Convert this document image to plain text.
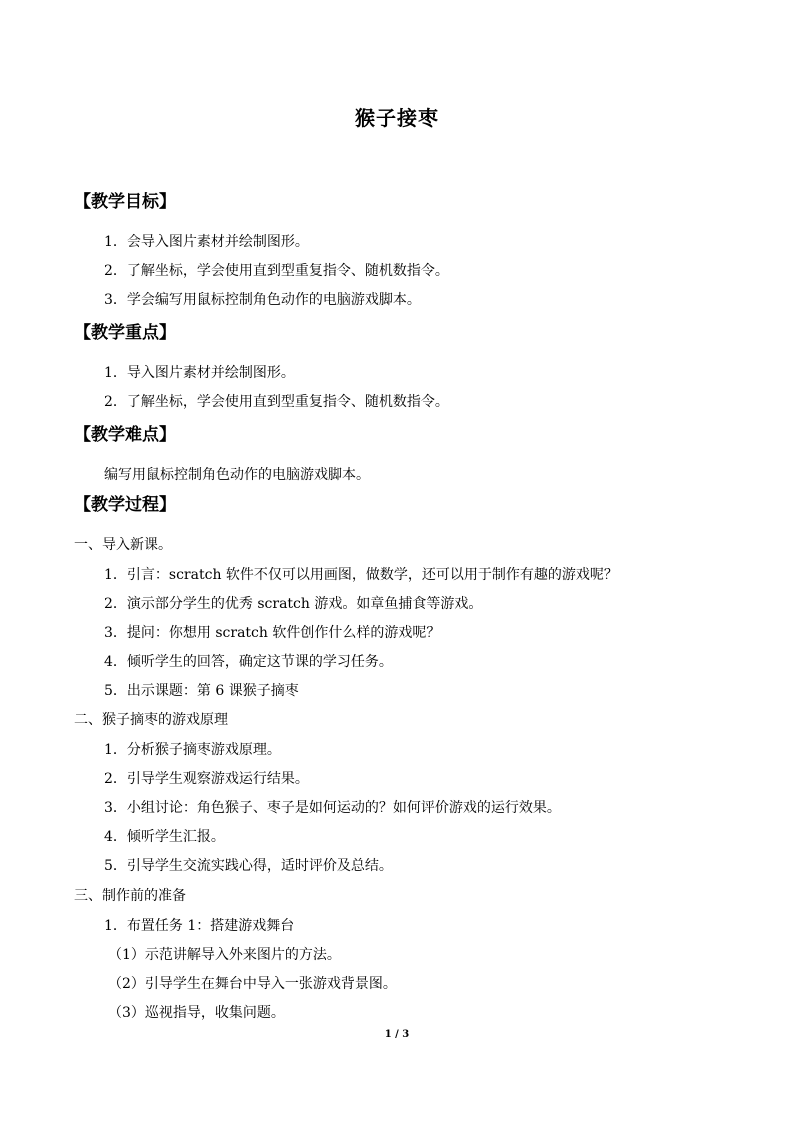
猴子接枣
【教学目标】
1．会导入图片素材并绘制图形。
2．了解坐标，学会使用直到型重复指令、随机数指令。
3．学会编写用鼠标控制角色动作的电脑游戏脚本。
【教学重点】
1．导入图片素材并绘制图形。
2．了解坐标，学会使用直到型重复指令、随机数指令。
【教学难点】
编写用鼠标控制角色动作的电脑游戏脚本。
【教学过程】
一、导入新课。
1．引言：scratch 软件不仅可以用画图，做数学，还可以用于制作有趣的游戏呢？
2．演示部分学生的优秀 scratch 游戏。如章鱼捕食等游戏。
3．提问：你想用 scratch 软件创作什么样的游戏呢？
4．倾听学生的回答，确定这节课的学习任务。
5．出示课题：第 6 课猴子摘枣
二、猴子摘枣的游戏原理
1．分析猴子摘枣游戏原理。
2．引导学生观察游戏运行结果。
3．小组讨论：角色猴子、枣子是如何运动的？如何评价游戏的运行效果。
4．倾听学生汇报。
5．引导学生交流实践心得，适时评价及总结。
三、制作前的准备
1．布置任务 1：搭建游戏舞台
（1）示范讲解导入外来图片的方法。
（2）引导学生在舞台中导入一张游戏背景图。
（3）巡视指导，收集问题。
1 / 3
